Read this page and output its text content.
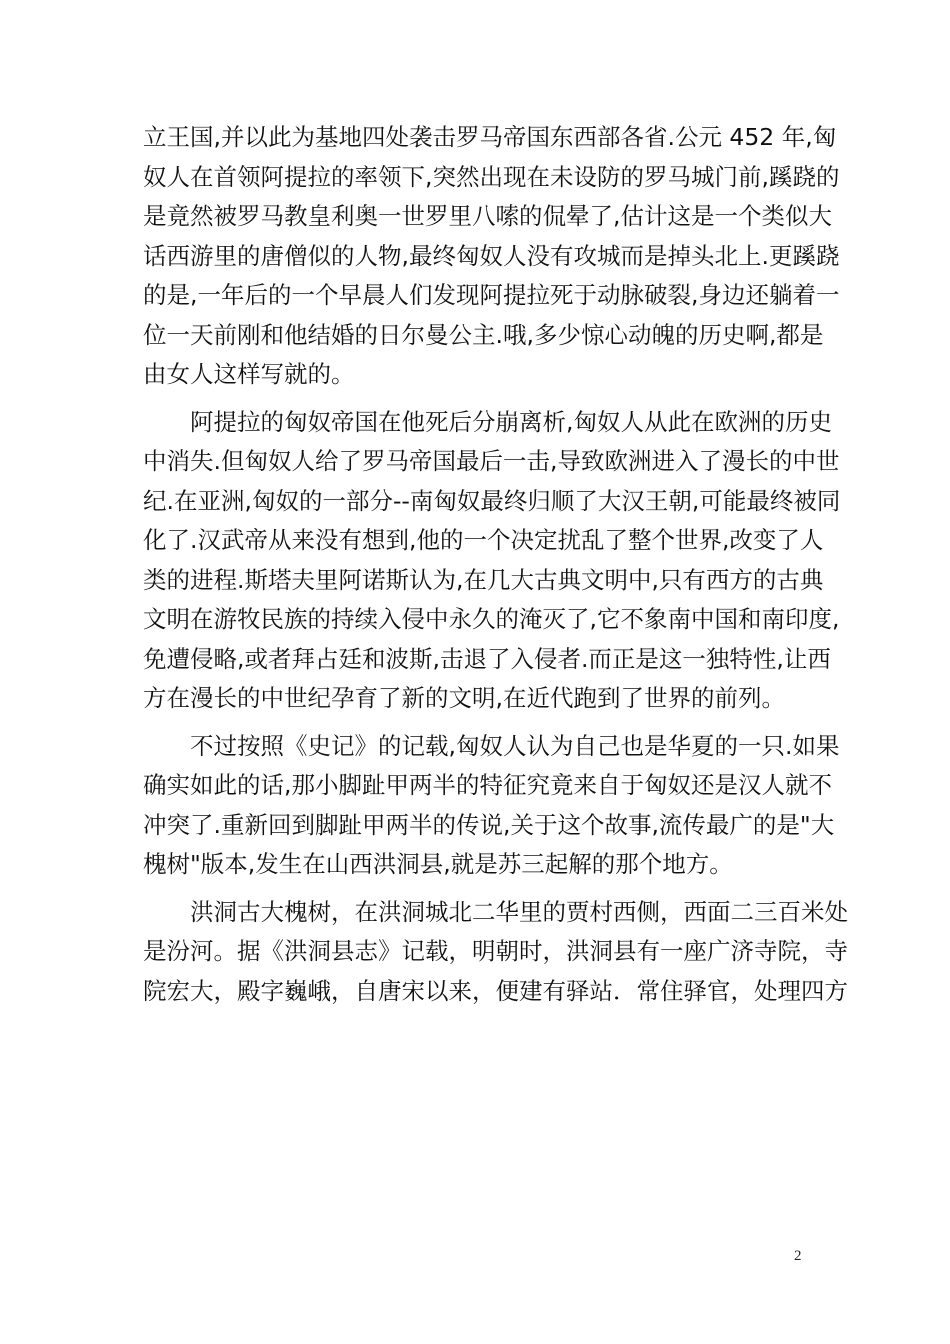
立王国,并以此为基地四处袭击罗马帝国东西部各省.公元 452 年,匈
奴人在首领阿提拉的率领下,突然出现在未设防的罗马城门前,蹊跷的
是竟然被罗马教皇利奥一世罗里八嗦的侃晕了,估计这是一个类似大
话西游里的唐僧似的人物,最终匈奴人没有攻城而是掉头北上.更蹊跷
的是,一年后的一个早晨人们发现阿提拉死于动脉破裂,身边还躺着一
位一天前刚和他结婚的日尔曼公主.哦,多少惊心动魄的历史啊,都是
由女人这样写就的。
阿提拉的匈奴帝国在他死后分崩离析,匈奴人从此在欧洲的历史
中消失.但匈奴人给了罗马帝国最后一击,导致欧洲进入了漫长的中世
纪.在亚洲,匈奴的一部分--南匈奴最终归顺了大汉王朝,可能最终被同
化了.汉武帝从来没有想到,他的一个决定扰乱了整个世界,改变了人
类的进程.斯塔夫里阿诺斯认为,在几大古典文明中,只有西方的古典
文明在游牧民族的持续入侵中永久的淹灭了,它不象南中国和南印度,
免遭侵略,或者拜占廷和波斯,击退了入侵者.而正是这一独特性,让西
方在漫长的中世纪孕育了新的文明,在近代跑到了世界的前列。
不过按照《史记》的记载,匈奴人认为自己也是华夏的一只.如果
确实如此的话,那小脚趾甲两半的特征究竟来自于匈奴还是汉人就不
冲突了.重新回到脚趾甲两半的传说,关于这个故事,流传最广的是"大
槐树"版本,发生在山西洪洞县,就是苏三起解的那个地方。
洪洞古大槐树，在洪洞城北二华里的贾村西侧，西面二三百米处
是汾河。据《洪洞县志》记载，明朝时，洪洞县有一座广济寺院，寺
院宏大，殿字巍峨，自唐宋以来，便建有驿站．常住驿官，处理四方
2
